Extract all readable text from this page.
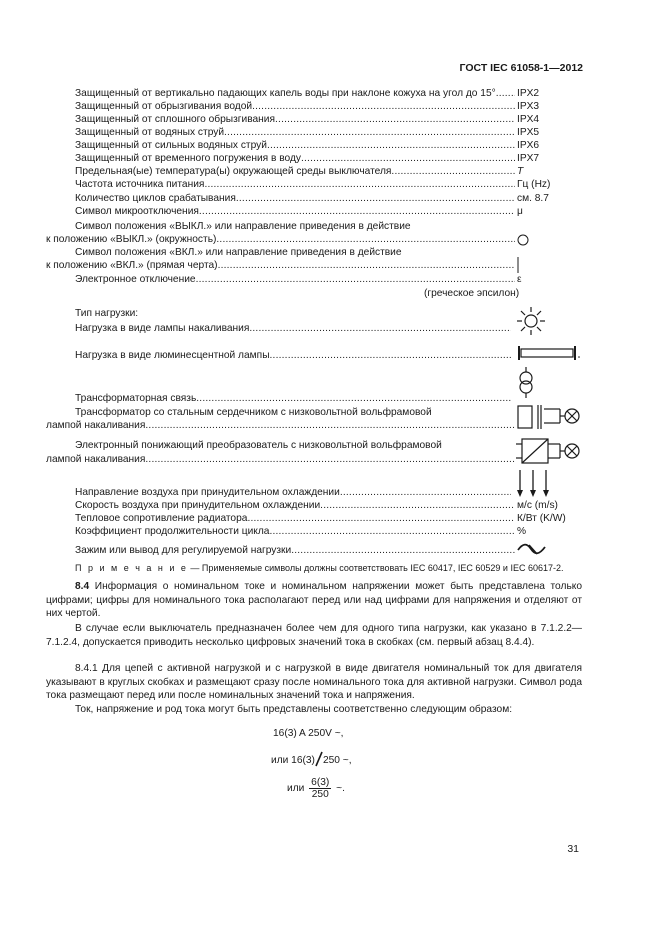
ГОСТ IEC 61058-1—2012
Защищенный от вертикально падающих капель воды при наклоне кожуха на угол до 15° ..... IPX2
Защищенный от обрызгивания водой .....	IPX3
Защищенный от сплошного обрызгивания .....	IPX4
Защищенный от водяных струй .....	IPX5
Защищенный от сильных водяных струй .....	IPX6
Защищенный от временного погружения в воду .....	IPX7
Предельная(ые) температура(ы) окружающей среды выключателя .....	T
Частота источника питания .....	Гц (Hz)
Количество циклов срабатывания .....	см. 8.7
Символ микроотключения .....	μ
Символ положения «ВЫКЛ.» или направление приведения в действие
к положению «ВЫКЛ.» (окружность)
.....
Символ положения «ВКЛ.» или направление приведения в действие
к положению «ВКЛ.» (прямая черта)
.....
Электронное отключение .....	ε
(греческое эпсилон)
Тип нагрузки:
Нагрузка в виде лампы накаливания
.....
Нагрузка в виде люминесцентной лампы
.....
Трансформаторная связь
.....
Трансформатор со стальным сердечником с низковольтной вольфрамовой
лампой накаливания
.....
Электронный понижающий преобразователь с низковольтной вольфрамовой
лампой накаливания
.....
Направление воздуха при принудительном охлаждении
.....
Скорость воздуха при принудительном охлаждении .....	м/с (m/s)
Тепловое сопротивление радиатора .....	К/Вт (K/W)
Коэффициент продолжительности цикла .....	%
Зажим или вывод для регулируемой нагрузки
.....
П р и м е ч а н и е — Применяемые символы должны соответствовать IEC 60417, IEC 60529 и IEC 60617-2.
8.4 Информация о номинальном токе и номинальном напряжении может быть представлена только цифрами; цифры для номинального тока располагают перед или над цифрами для напряжения и отделяют от них чертой.
В случае если выключатель предназначен более чем для одного типа нагрузки, как указано в 7.1.2.2—7.1.2.4, допускается приводить несколько цифровых значений тока в скобках (см. первый абзац 8.4.4).
8.4.1 Для цепей с активной нагрузкой и с нагрузкой в виде двигателя номинальный ток для двигателя указывают в круглых скобках и размещают сразу после номинального тока для активной нагрузки. Символ рода тока размещают перед или после номинальных значений тока и напряжения.
Ток, напряжение и род тока могут быть представлены соответственно следующим образом:
16(3) A 250V ~,
или 16(3) 250 ~,
или $\frac{6(3)}{250}$ ~.
31
